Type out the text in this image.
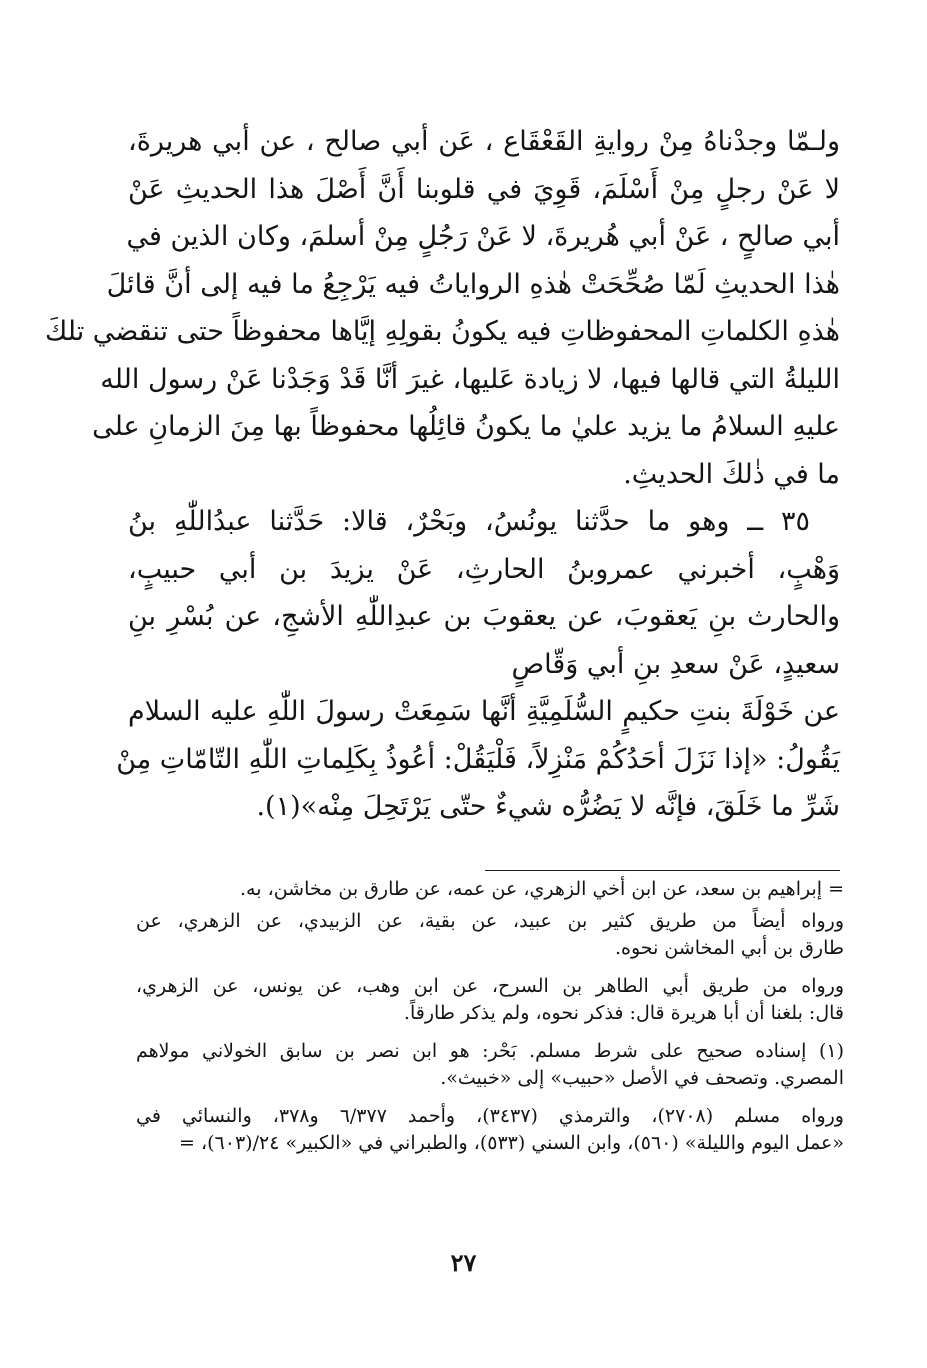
ولـمّا وجدْناهُ مِنْ روايةِ القَعْقَاع ، عَن أبي صالح ، عن أبي هريرةَ،
لا عَنْ رجلٍ مِنْ أَسْلَمَ، قَوِيَ في قلوبنا أَنَّ أَصْلَ هذا الحديثِ عَنْ
أبي صالحٍ ، عَنْ أبي هُريرةَ، لا عَنْ رَجُلٍ مِنْ أسلمَ، وكان الذين في
هٰذا الحديثِ لَمّا صُحِّحَتْ هٰذهِ الرواياتُ فيه يَرْجِعُ ما فيه إلى أنَّ قائلَ
هٰذهِ الكلماتِ المحفوظاتِ فيه يكونُ بقولِهِ إيَّاها محفوظاً حتى تنقضي تلكَ
الليلةُ التي قالها فيها، لا زيادة عَليها، غيرَ أنَّا قَدْ وَجَدْنا عَنْ رسول الله
عليهِ السلامُ ما يزيد عليٰ ما يكونُ قائِلُها محفوظاً بها مِنَ الزمانِ على
ما في ذٰلكَ الحديثِ.
٣٥ ــ وهو ما حدَّثنا يونُسُ، وبَحْرٌ، قالا: حَدَّثنا عبدُاللّٰهِ بنُ
وَهْبٍ، أخبرني عمروبنُ الحارثِ، عَنْ يزيدَ بن أبي حبيبٍ،
والحارث بنِ يَعقوبَ، عن يعقوبَ بن عبدِاللّٰهِ الأشجِ، عن بُسْرِ بنِ
سعيدٍ، عَنْ سعدِ بنِ أبي وَقّاصٍ
عن خَوْلَةَ بنتِ حكيمٍ السُّلَمِيَّةِ أنَّها سَمِعَتْ رسولَ اللّٰهِ عليه السلام
يَقُولُ: «إذا نَزَلَ أحَدُكُمْ مَنْزِلاً، فَلْيَقُلْ: أعُوذُ بِكَلِماتِ اللّٰهِ التّامّاتِ مِنْ
شَرِّ ما خَلَقَ، فإنَّه لا يَضُرُّه شيءٌ حتّى يَرْتَحِلَ مِنْه»(١).
= إبراهيم بن سعد، عن ابن أخي الزهري، عن عمه، عن طارق بن مخاشن، به.
ورواه أيضاً من طريق كثير بن عبيد، عن بقية، عن الزبيدي، عن الزهري، عن
طارق بن أبي المخاشن نحوه.
ورواه من طريق أبي الطاهر بن السرح، عن ابن وهب، عن يونس، عن الزهري،
قال: بلغنا أن أبا هريرة قال: فذكر نحوه، ولم يذكر طارقاً.
(١) إسناده صحيح على شرط مسلم. بَحْر: هو ابن نصر بن سابق الخولاني مولاهم
المصري. وتصحف في الأصل «حبيب» إلى «خبيث».
ورواه مسلم (٢٧٠٨)، والترمذي (٣٤٣٧)، وأحمد ٦/٣٧٧ و٣٧٨، والنسائي في
«عمل اليوم والليلة» (٥٦٠)، وابن السني (٥٣٣)، والطبراني في «الكبير» ٢٤/(٦٠٣)، =
٢٧
